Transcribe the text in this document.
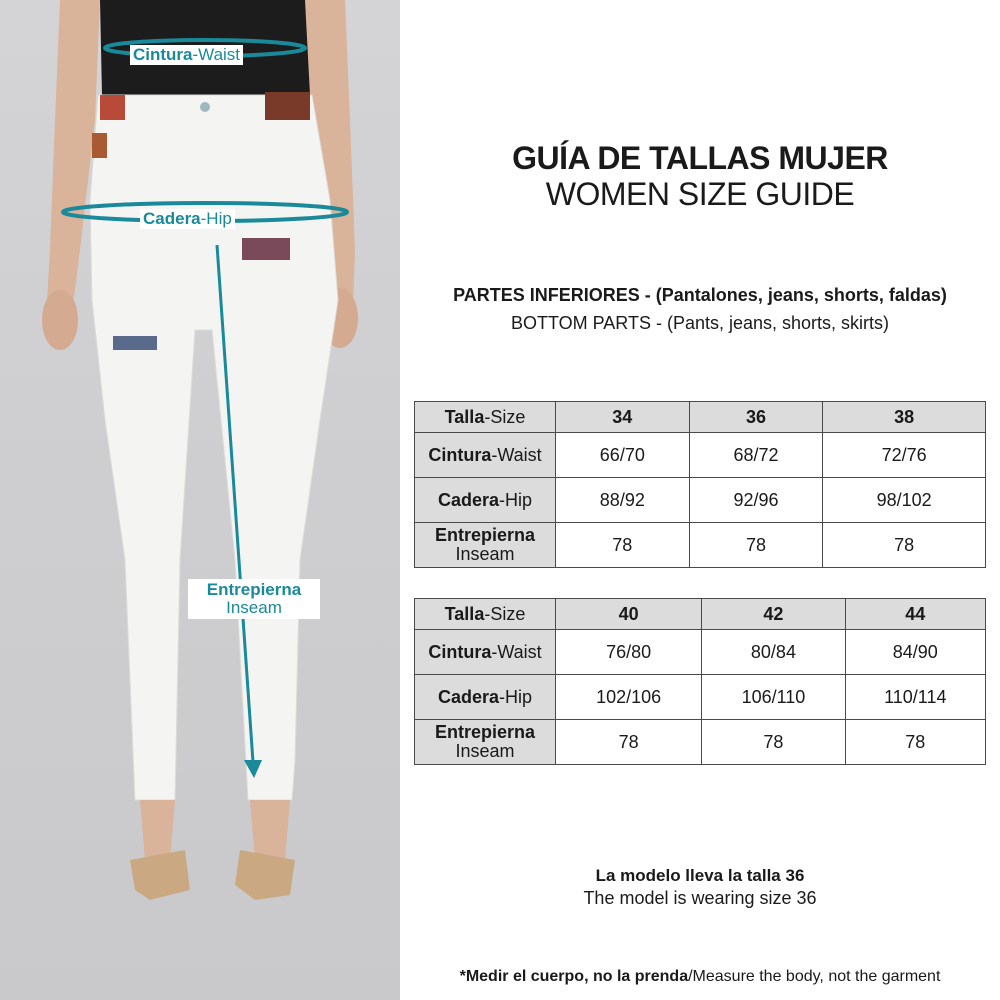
Cintura-Waist
Cadera-Hip
Entrepierna
Inseam
GUÍA DE TALLAS MUJER
WOMEN SIZE GUIDE
PARTES INFERIORES - (Pantalones, jeans, shorts, faldas)
BOTTOM PARTS - (Pants, jeans, shorts, skirts)
Talla-Size	34	36	38
Cintura-Waist	66/70	68/72	72/76
Cadera-Hip	88/92	92/96	98/102

Entrepierna
Inseam	78	78	78
Talla-Size	40	42	44
Cintura-Waist	76/80	80/84	84/90
Cadera-Hip	102/106	106/110	110/114

Entrepierna
Inseam	78	78	78
La modelo lleva la talla 36
The model is wearing size 36
*Medir el cuerpo, no la prenda/Measure the body, not the garment
